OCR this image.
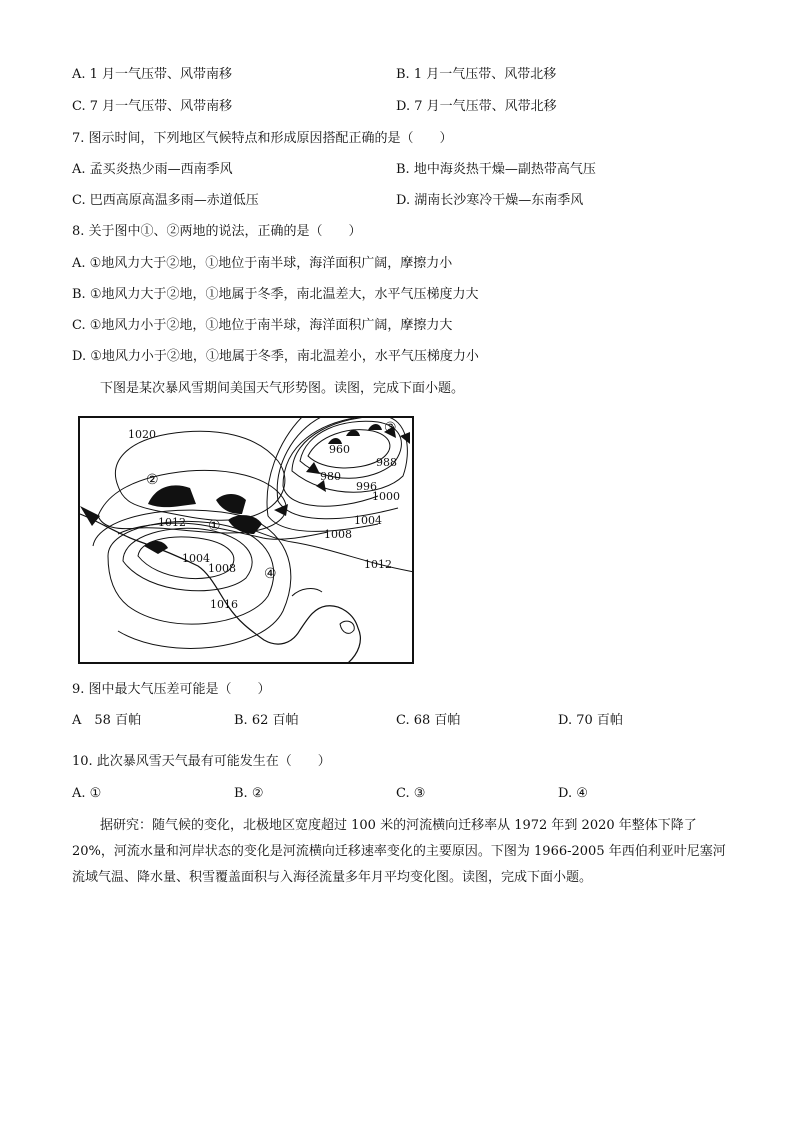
A. 1 月一气压带、风带南移	B. 1 月一气压带、风带北移
C. 7 月一气压带、风带南移	D. 7 月一气压带、风带北移
7. 图示时间，下列地区气候特点和形成原因搭配正确的是（　　）
A. 孟买炎热少雨—西南季风	B. 地中海炎热干燥—副热带高气压
C. 巴西高原高温多雨—赤道低压	D. 湖南长沙寒冷干燥—东南季风
8. 关于图中①、②两地的说法，正确的是（　　）
A. ①地风力大于②地，①地位于南半球，海洋面积广阔，摩擦力小
B. ①地风力大于②地，①地属于冬季，南北温差大，水平气压梯度力大
C. ①地风力小于②地，①地位于南半球，海洋面积广阔，摩擦力大
D. ①地风力小于②地，①地属于冬季，南北温差小，水平气压梯度力小
下图是某次暴风雪期间美国天气形势图。读图，完成下面小题。
1020
960
980
988
996
1000
1004
1012
1008
1004
1008	1012
1016
①
②
③
④
9. 图中最大气压差可能是（　　）
A　58 百帕	B. 62 百帕	C. 68 百帕	D. 70 百帕
10. 此次暴风雪天气最有可能发生在（　　）
A. ①	B. ②	C. ③	D. ④
据研究：随气候的变化，北极地区宽度超过 100 米的河流横向迁移率从 1972 年到 2020 年整体下降了 20%，河流水量和河岸状态的变化是河流横向迁移速率变化的主要原因。下图为 1966-2005 年西伯利亚叶尼塞河流域气温、降水量、积雪覆盖面积与入海径流量多年月平均变化图。读图，完成下面小题。
